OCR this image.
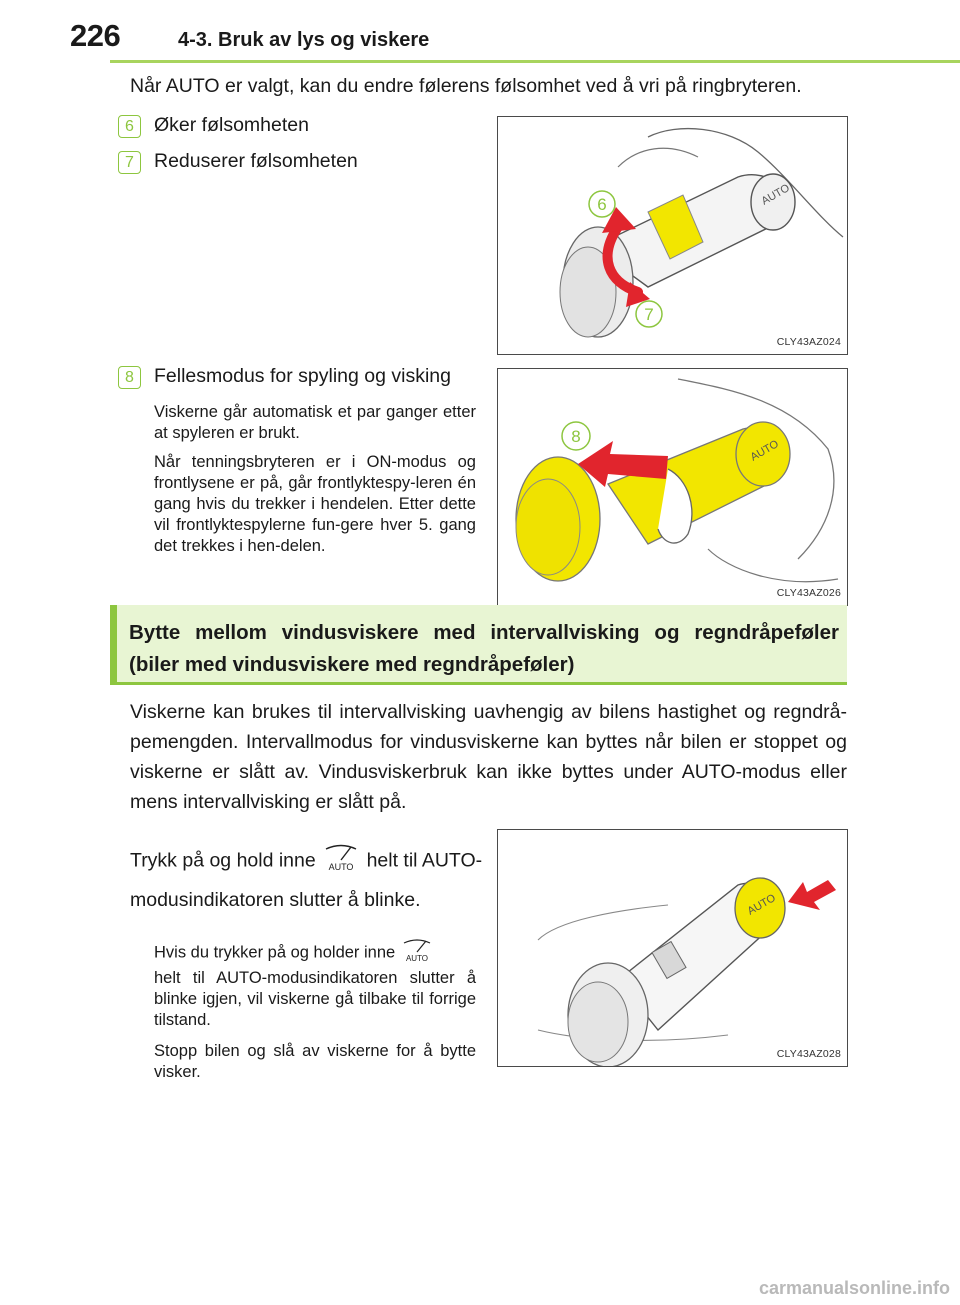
226	4-3. Bruk av lys og viskere
Når AUTO er valgt, kan du endre følerens følsomhet ved å vri på ringbryteren.
6	Øker følsomheten
7	Reduserer følsomheten
AUTO
6
7
CLY43AZ024
8	Fellesmodus for spyling og visking
Viskerne går automatisk et par ganger etter at spyleren er brukt.
Når tenningsbryteren er i ON-modus og frontlysene er på, går frontlyktespy-leren én gang hvis du trekker i hendelen. Etter dette vil frontlyktespylerne fun-gere hver 5. gang det trekkes i hen-delen.
AUTO
8
CLY43AZ026
Bytte mellom vindusviskere med intervallvisking og regndråpeføler (biler med vindusviskere med regndråpeføler)
Viskerne kan brukes til intervallvisking uavhengig av bilens hastighet og regndrå-pemengden. Intervallmodus for vindusviskerne kan byttes når bilen er stoppet og viskerne er slått av. Vindusviskerbruk kan ikke byttes under AUTO-modus eller mens intervallvisking er slått på.
Trykk på og hold inne AUTO helt til AUTO-
modusindikatoren slutter å blinke.
Hvis du trykker på og holder inne AUTO
helt til AUTO-modusindikatoren slutter å blinke igjen, vil viskerne gå tilbake til forrige tilstand.
Stopp bilen og slå av viskerne for å bytte visker.
AUTO
CLY43AZ028
carmanualsonline.info
